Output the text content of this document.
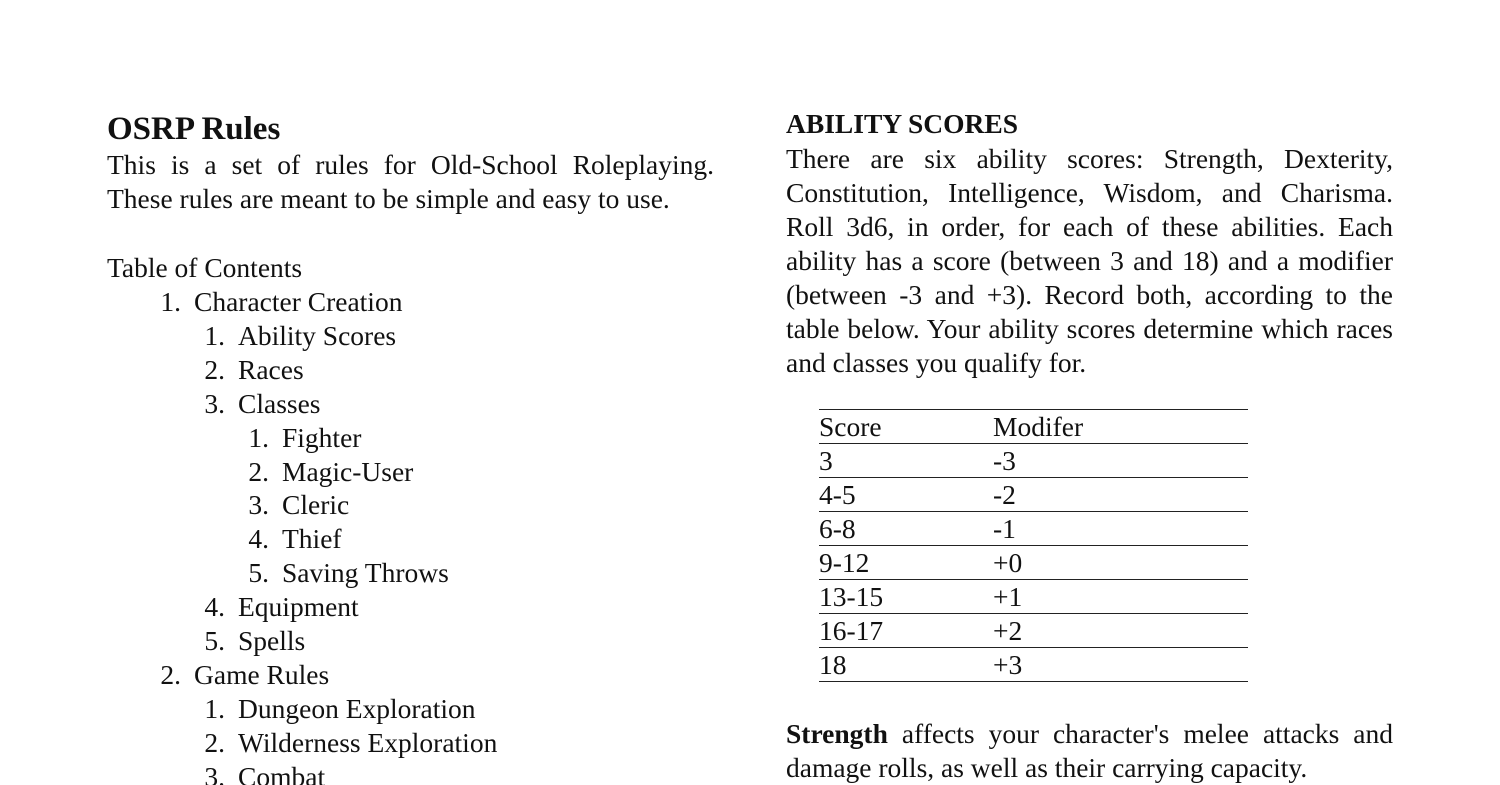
OSRP Rules

This is a set of rules for Old-School Roleplaying.
These rules are meant to be simple and easy to use.

Table of Contents
1. Character Creation
1. Ability Scores
2. Races
3. Classes
1. Fighter
2. Magic-User
3. Cleric
4. Thief
5. Saving Throws
4. Equipment
5. Spells
2. Game Rules
1. Dungeon Exploration
2. Wilderness Exploration
3. Combat
ABILITY SCORES

There are six ability scores: Strength, Dexterity, Constitution, Intelligence, Wisdom, and Charisma. Roll 3d6, in order, for each of these abilities. Each ability has a score (between 3 and 18) and a modifier (between -3 and +3). Record both, according to the table below. Your ability scores determine which races and classes you qualify for.

Score	Modifer
3	-3
4-5	-2
6-8	-1
9-12	+0
13-15	+1
16-17	+2
18	+3

Strength affects your character's melee attacks and damage rolls, as well as their carrying capacity.
